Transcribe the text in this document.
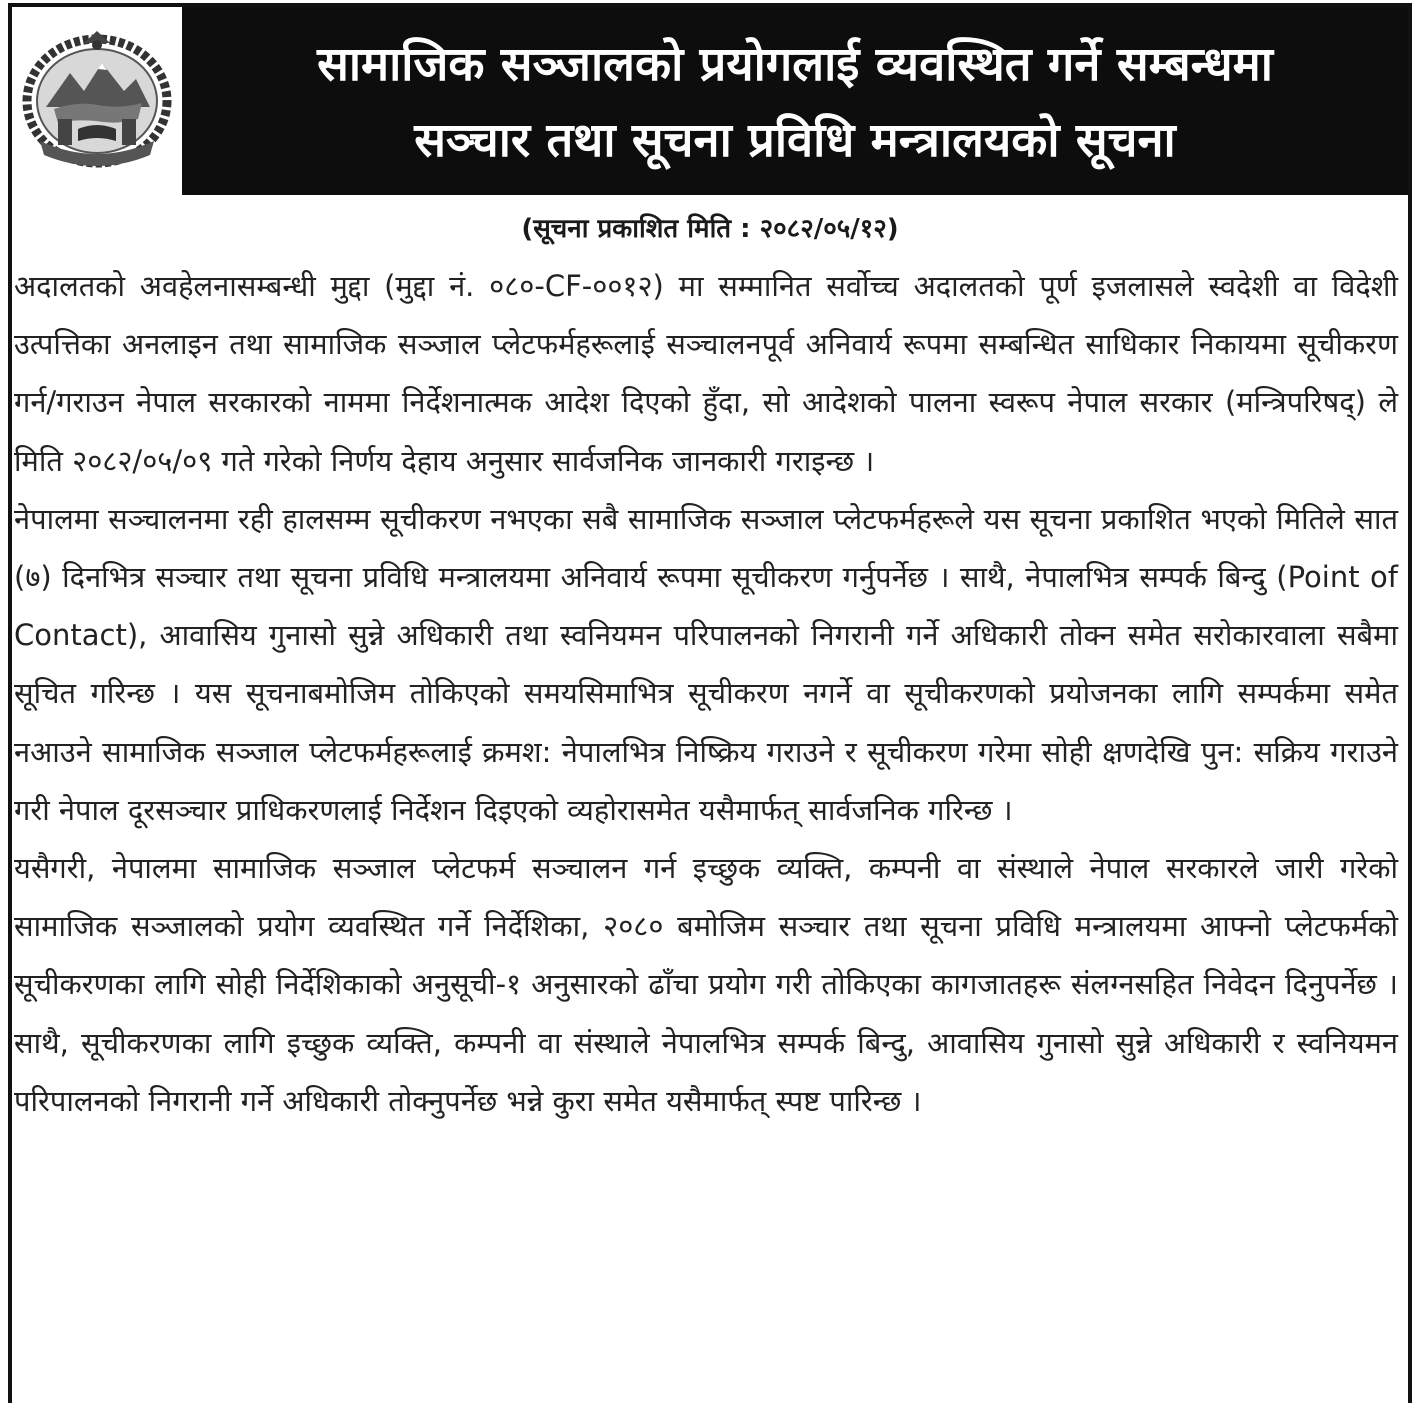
सामाजिक सञ्जालको प्रयोगलाई व्यवस्थित गर्ने सम्बन्धमा
सञ्चार तथा सूचना प्रविधि मन्त्रालयको सूचना
(सूचना प्रकाशित मिति : २०८२/०५/१२)

अदालतको अवहेलनासम्बन्धी मुद्दा (मुद्दा नं. ०८०-CF-००१२) मा सम्मानित सर्वोच्च अदालतको पूर्ण इजलासले स्वदेशी वा विदेशी उत्पत्तिका अनलाइन तथा सामाजिक सञ्जाल प्लेटफर्महरूलाई सञ्चालनपूर्व अनिवार्य रूपमा सम्बन्धित साधिकार निकायमा सूचीकरण गर्न/गराउन नेपाल सरकारको नाममा निर्देशनात्मक आदेश दिएको हुँदा, सो आदेशको पालना स्वरूप नेपाल सरकार (मन्त्रिपरिषद्) ले मिति २०८२/०५/०९ गते गरेको निर्णय देहाय अनुसार सार्वजनिक जानकारी गराइन्छ ।

नेपालमा सञ्चालनमा रही हालसम्म सूचीकरण नभएका सबै सामाजिक सञ्जाल प्लेटफर्महरूले यस सूचना प्रकाशित भएको मितिले सात (७) दिनभित्र सञ्चार तथा सूचना प्रविधि मन्त्रालयमा अनिवार्य रूपमा सूचीकरण गर्नुपर्नेछ । साथै, नेपालभित्र सम्पर्क बिन्दु (Point of Contact), आवासिय गुनासो सुन्ने अधिकारी तथा स्वनियमन परिपालनको निगरानी गर्ने अधिकारी तोक्न समेत सरोकारवाला सबैमा सूचित गरिन्छ । यस सूचनाबमोजिम तोकिएको समयसिमाभित्र सूचीकरण नगर्ने वा सूचीकरणको प्रयोजनका लागि सम्पर्कमा समेत नआउने सामाजिक सञ्जाल प्लेटफर्महरूलाई क्रमश: नेपालभित्र निष्क्रिय गराउने र सूचीकरण गरेमा सोही क्षणदेखि पुन: सक्रिय गराउने गरी नेपाल दूरसञ्चार प्राधिकरणलाई निर्देशन दिइएको व्यहोरासमेत यसैमार्फत् सार्वजनिक गरिन्छ ।

यसैगरी, नेपालमा सामाजिक सञ्जाल प्लेटफर्म सञ्चालन गर्न इच्छुक व्यक्ति, कम्पनी वा संस्थाले नेपाल सरकारले जारी गरेको सामाजिक सञ्जालको प्रयोग व्यवस्थित गर्ने निर्देशिका, २०८० बमोजिम सञ्चार तथा सूचना प्रविधि मन्त्रालयमा आफ्नो प्लेटफर्मको सूचीकरणका लागि सोही निर्देशिकाको अनुसूची-१ अनुसारको ढाँचा प्रयोग गरी तोकिएका कागजातहरू संलग्नसहित निवेदन दिनुपर्नेछ । साथै, सूचीकरणका लागि इच्छुक व्यक्ति, कम्पनी वा संस्थाले नेपालभित्र सम्पर्क बिन्दु, आवासिय गुनासो सुन्ने अधिकारी र स्वनियमन परिपालनको निगरानी गर्ने अधिकारी तोक्नुपर्नेछ भन्ने कुरा समेत यसैमार्फत् स्पष्ट पारिन्छ ।
